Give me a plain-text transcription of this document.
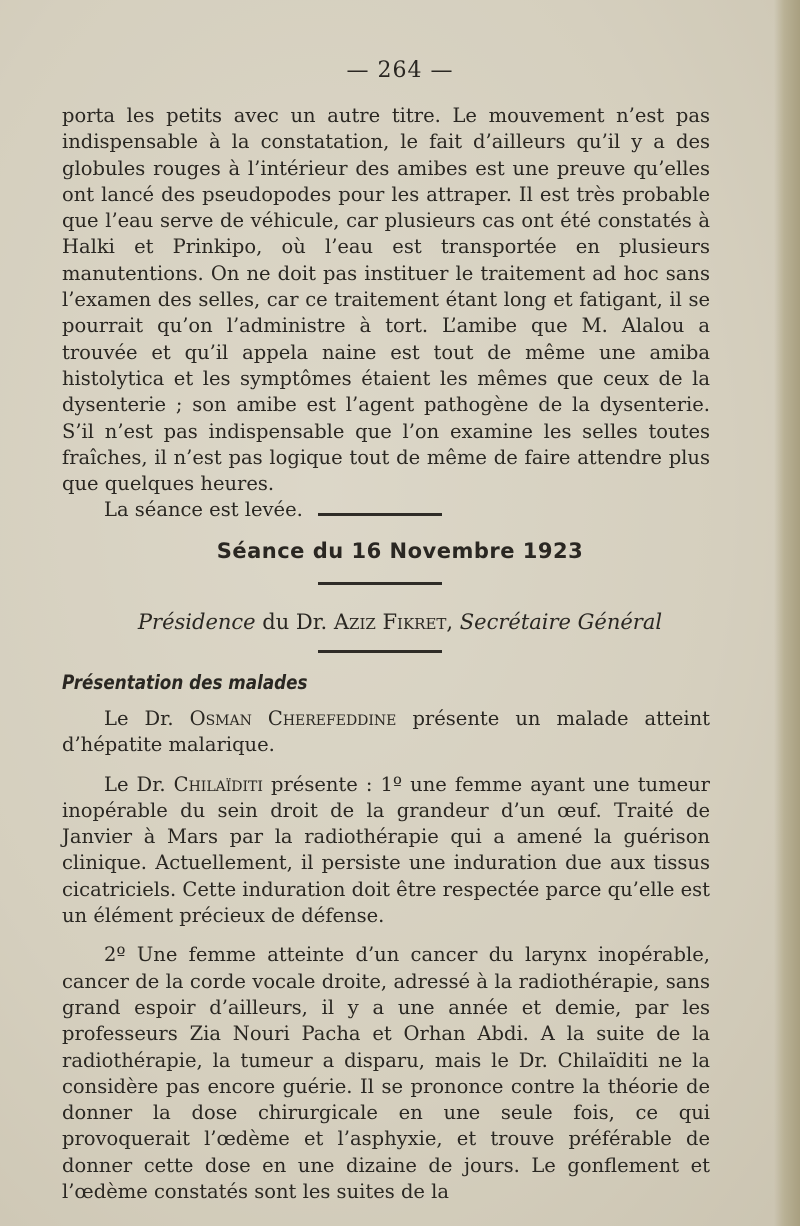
— 264 —

porta les petits avec un autre titre. Le mouvement n’est pas indispensable à la constatation, le fait d’ailleurs qu’il y a des globules rouges à l’intérieur des amibes est une preuve qu’elles ont lancé des pseudopodes pour les attraper. Il est très probable que l’eau serve de véhicule, car plusieurs cas ont été constatés à Halki et Prinkipo, où l’eau est transportée en plusieurs manutentions. On ne doit pas instituer le traitement ad hoc sans l’examen des selles, car ce traitement étant long et fatigant, il se pourrait qu’on l’administre à tort. L’amibe que M. Alalou a trouvée et qu’il appela naine est tout de même une amiba histolytica et les symptômes étaient les mêmes que ceux de la dysenterie ; son amibe est l’agent pathogène de la dysenterie. S’il n’est pas indispensable que l’on examine les selles toutes fraîches, il n’est pas logique tout de même de faire attendre plus que quelques heures.

La séance est levée.

Séance du 16 Novembre 1923
Présidence du Dr. Aziz Fikret, Secrétaire Général
Présentation des malades

Le Dr. Osman Cherefeddine présente un malade atteint d’hépatite malarique.

Le Dr. Chilaïditi présente : 1º une femme ayant une tumeur inopérable du sein droit de la grandeur d’un œuf. Traité de Janvier à Mars par la radiothérapie qui a amené la guérison clinique. Actuellement, il persiste une induration due aux tissus cicatriciels. Cette induration doit être respectée parce qu’elle est un élément précieux de défense.

2º Une femme atteinte d’un cancer du larynx inopérable, cancer de la corde vocale droite, adressé à la radiothérapie, sans grand espoir d’ailleurs, il y a une année et demie, par les professeurs Zia Nouri Pacha et Orhan Abdi. A la suite de la radiothérapie, la tumeur a disparu, mais le Dr. Chilaïditi ne la considère pas encore guérie. Il se prononce contre la théorie de donner la dose chirurgicale en une seule fois, ce qui provoquerait l’œdème et l’asphyxie, et trouve préférable de donner cette dose en une dizaine de jours. Le gonflement et l’œdème constatés sont les suites de la
